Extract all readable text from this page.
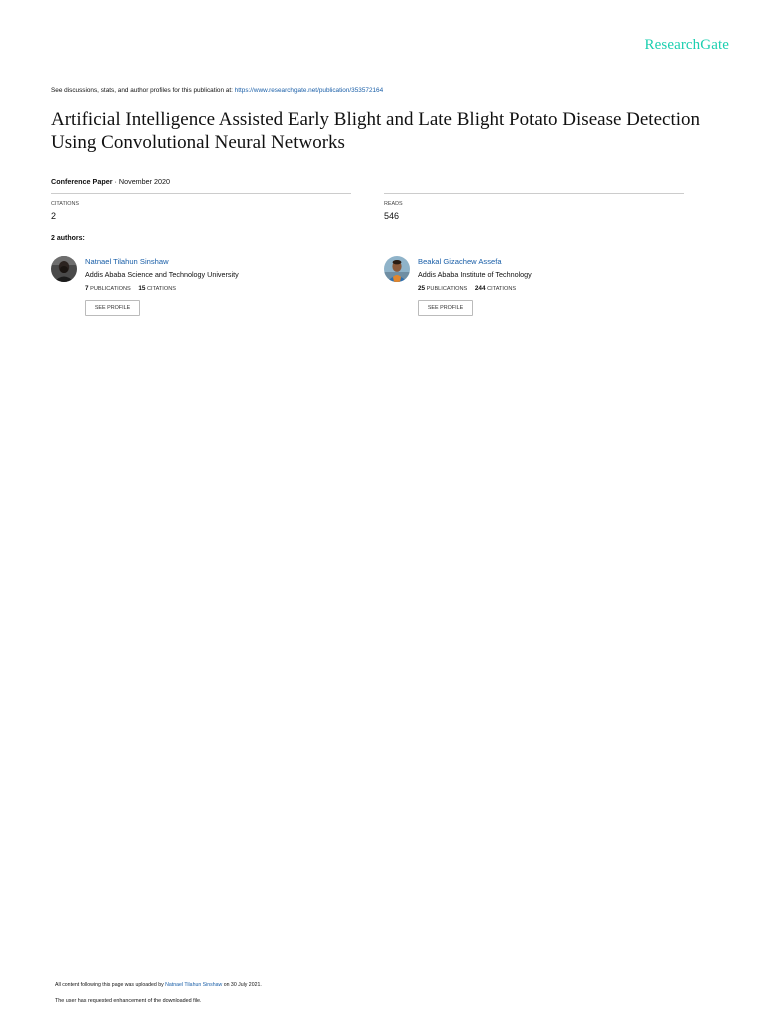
ResearchGate
See discussions, stats, and author profiles for this publication at: https://www.researchgate.net/publication/353572164
Artificial Intelligence Assisted Early Blight and Late Blight Potato Disease Detection Using Convolutional Neural Networks
Conference Paper · November 2020
CITATIONS
2
READS
546
2 authors:
Natnael Tilahun Sinshaw
Addis Ababa Science and Technology University
7 PUBLICATIONS 15 CITATIONS
SEE PROFILE
Beakal Gizachew Assefa
Addis Ababa Institute of Technology
25 PUBLICATIONS 244 CITATIONS
SEE PROFILE
All content following this page was uploaded by Natnael Tilahun Sinshaw on 30 July 2021.
The user has requested enhancement of the downloaded file.
